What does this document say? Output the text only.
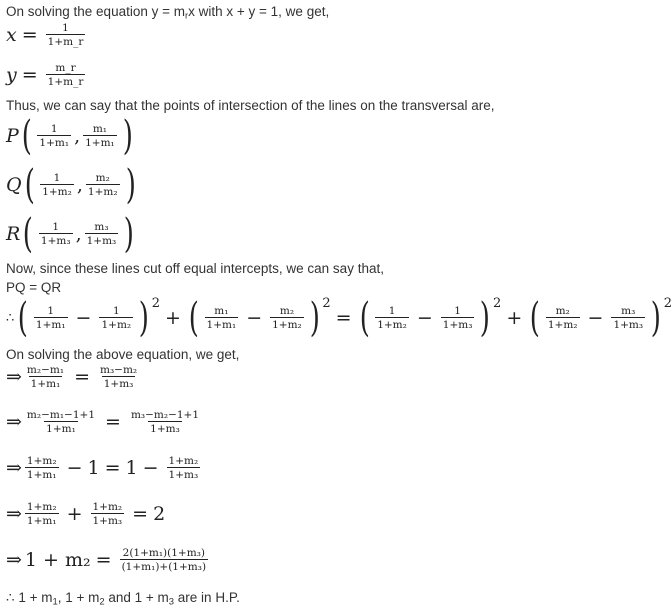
On solving the equation $y = m_rx$ with x + y = 1, we get,
$x = \frac{1}{1+m\_r}$
$y = \frac{m\_r}{1+m\_r}$
Thus, we can say that the points of intersection of the lines on the transversal are,
P ( $\frac{1}{\text{1+m₁}}$ , $\frac{\text{m₁}}{\text{1+m₁}}$ )
Q ( $\frac{1}{\text{1+m₂}}$ , $\frac{\text{m₂}}{\text{1+m₂}}$ )
R ( $\frac{1}{\text{1+m₃}}$ , $\frac{\text{m₃}}{\text{1+m₃}}$ )
Now, since these lines cut off equal intercepts, we can say that,
PQ = QR
∴ ( $\frac{1}{\text{1+m₁}} - \frac{1}{\text{1+m₂}}$ ) 2
+ ( $\frac{\text{m₁}}{\text{1+m₁}} - \frac{\text{m₂}}{\text{1+m₂}}$ ) 2
= ( $\frac{1}{\text{1+m₂}} - \frac{1}{\text{1+m₃}}$ ) 2
+ ( $\frac{\text{m₂}}{\text{1+m₂}} - \frac{\text{m₃}}{\text{1+m₃}}$ ) 2
On solving the above equation, we get,
⇒ $\frac{\text{m₂−m₁}}{\text{1+m₁}} = \frac{\text{m₃−m₂}}{\text{1+m₃}}$
⇒ $\frac{\text{m₂−m₁−1+1}}{\text{1+m₁}} = \frac{\text{m₃−m₂−1+1}}{\text{1+m₃}}$
⇒ $\frac{\text{1+m₂}}{\text{1+m₁}} - 1 = 1 - \frac{\text{1+m₂}}{\text{1+m₃}}$
⇒ $\frac{\text{1+m₂}}{\text{1+m₁}} + \frac{\text{1+m₂}}{\text{1+m₃}} = 2$
⇒ $1 + m_2 = \frac{\text{2(1+m₁)(1+m₃)}}{\text{(1+m₁)+(1+m₃)}}$
∴ $1 + m_1$, $1 + m_2$ and $1 + m_3$ are in H.P.
